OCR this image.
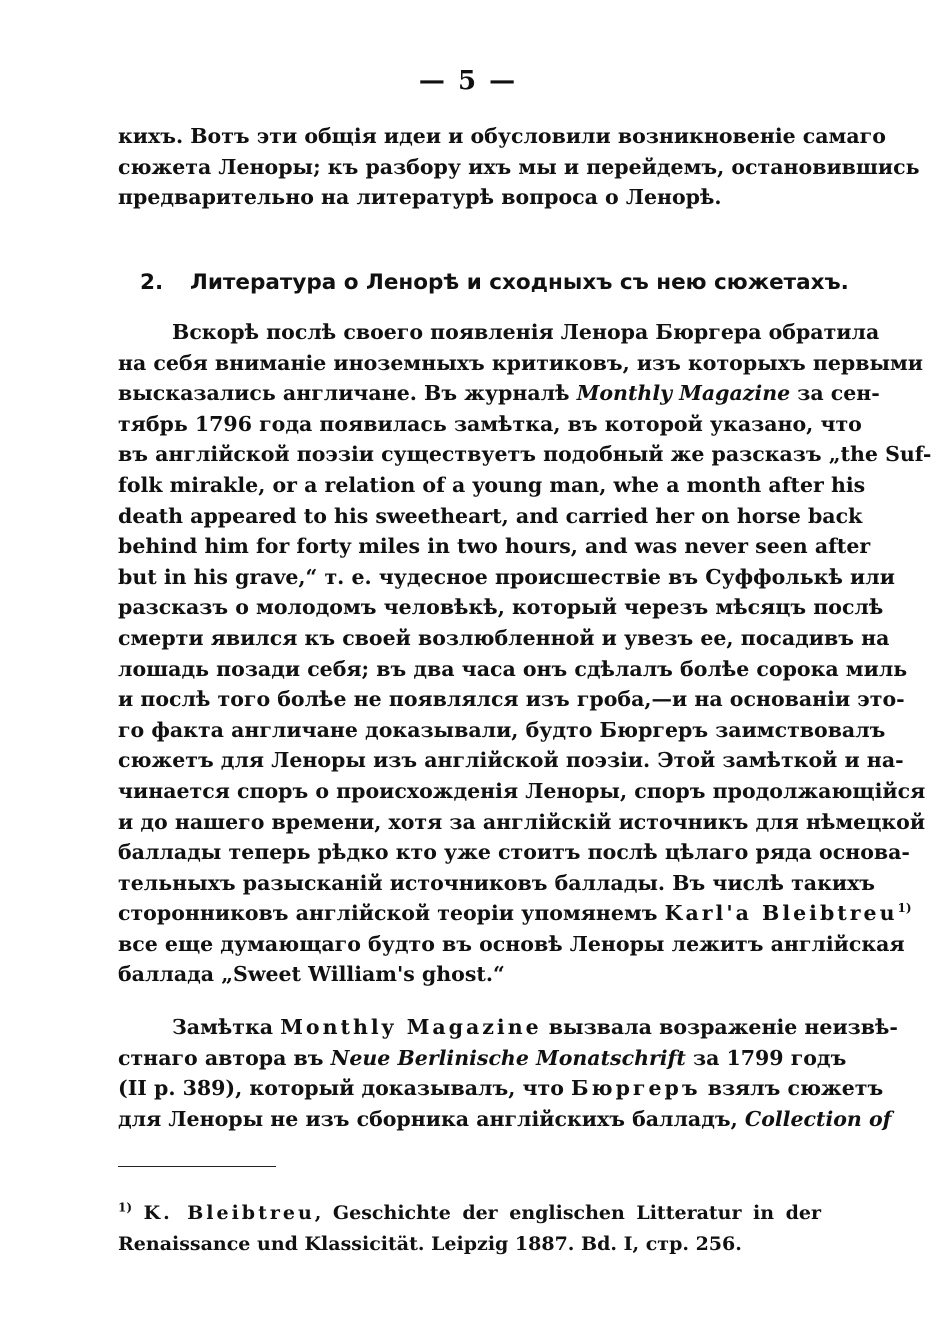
— 5 —
кихъ. Вотъ эти общія идеи и обусловили возникновеніе самаго
сюжета Леноры; къ разбору ихъ мы и перейдемъ, остановившись
предварительно на литературѣ вопроса о Ленорѣ.
2. Литература о Ленорѣ и сходныхъ съ нею сюжетахъ.
Вскорѣ послѣ своего появленія Ленора Бюргера обратила
на себя вниманіе иноземныхъ критиковъ, изъ которыхъ первыми
высказались англичане. Въ журналѣ Monthly Magazine за сен-
тябрь 1796 года появилась замѣтка, въ которой указано, что
въ англійской поэзіи существуетъ подобный же разсказъ „the Suf-
folk mirakle, or a relation of a young man, whe a month after his
death appeared to his sweetheart, and carried her on horse back
behind him for forty miles in two hours, and was never seen after
but in his grave,“ т. е. чудесное происшествіе въ Суффолькѣ или
разсказъ о молодомъ человѣкѣ, который черезъ мѣсяцъ послѣ
смерти явился къ своей возлюбленной и увезъ ее, посадивъ на
лошадь позади себя; въ два часа онъ сдѣлалъ болѣе сорока миль
и послѣ того болѣе не появлялся изъ гроба,—и на основаніи это-
го факта англичане доказывали, будто Бюргеръ заимствовалъ
сюжетъ для Леноры изъ англійской поэзіи. Этой замѣткой и на-
чинается споръ о происхожденія Леноры, споръ продолжающійся
и до нашего времени, хотя за англійскій источникъ для нѣмецкой
баллады теперь рѣдко кто уже стоитъ послѣ цѣлаго ряда основа-
тельныхъ разысканій источниковъ баллады. Въ числѣ такихъ
сторонниковъ англійской теоріи упомянемъ Karl'a Bleibtreu$^{1)}$
все еще думающаго будто въ основѣ Леноры лежитъ англійская
баллада „Sweet William's ghost.“
Замѣтка Monthly Magazine вызвала возраженіе неизвѣ-
стнаго автора въ Neue Berlinische Monatschrift за 1799 годъ
(II p. 389), который доказывалъ, что Бюргеръ взялъ сюжетъ
для Леноры не изъ сборника англійскихъ балладъ, Collection of
$^{1)}$ K. Bleibtreu, Geschichte der englischen Litteratur in der
Renaissance und Klassicität. Leipzig 1887. Bd. I, стр. 256.
